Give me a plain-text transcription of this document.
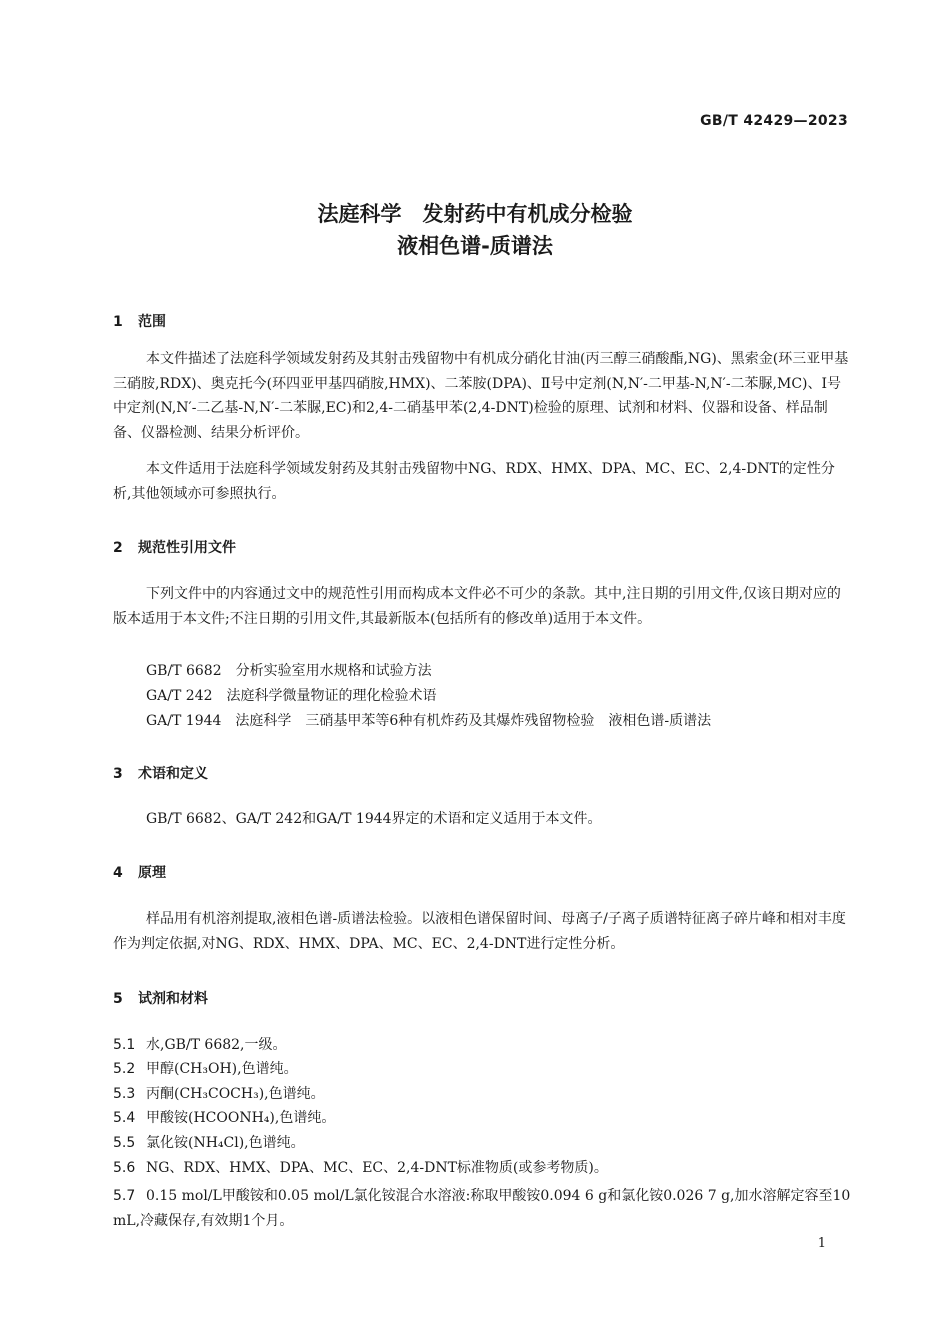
GB/T 42429—2023
法庭科学　发射药中有机成分检验
液相色谱-质谱法
1 范围
本文件描述了法庭科学领域发射药及其射击残留物中有机成分硝化甘油(丙三醇三硝酸酯,NG)、黑索金(环三亚甲基三硝胺,RDX)、奥克托今(环四亚甲基四硝胺,HMX)、二苯胺(DPA)、Ⅱ号中定剂(N,N′-二甲基-N,N′-二苯脲,MC)、Ⅰ号中定剂(N,N′-二乙基-N,N′-二苯脲,EC)和2,4-二硝基甲苯(2,4-DNT)检验的原理、试剂和材料、仪器和设备、样品制备、仪器检测、结果分析评价。
本文件适用于法庭科学领域发射药及其射击残留物中NG、RDX、HMX、DPA、MC、EC、2,4-DNT的定性分析,其他领域亦可参照执行。
2 规范性引用文件
下列文件中的内容通过文中的规范性引用而构成本文件必不可少的条款。其中,注日期的引用文件,仅该日期对应的版本适用于本文件;不注日期的引用文件,其最新版本(包括所有的修改单)适用于本文件。
GB/T 6682　分析实验室用水规格和试验方法
GA/T 242　法庭科学微量物证的理化检验术语
GA/T 1944　法庭科学　三硝基甲苯等6种有机炸药及其爆炸残留物检验　液相色谱-质谱法
3 术语和定义
GB/T 6682、GA/T 242和GA/T 1944界定的术语和定义适用于本文件。
4 原理
样品用有机溶剂提取,液相色谱-质谱法检验。以液相色谱保留时间、母离子/子离子质谱特征离子碎片峰和相对丰度作为判定依据,对NG、RDX、HMX、DPA、MC、EC、2,4-DNT进行定性分析。
5 试剂和材料
5.1 水,GB/T 6682,一级。
5.2 甲醇(CH₃OH),色谱纯。
5.3 丙酮(CH₃COCH₃),色谱纯。
5.4 甲酸铵(HCOONH₄),色谱纯。
5.5 氯化铵(NH₄Cl),色谱纯。
5.6 NG、RDX、HMX、DPA、MC、EC、2,4-DNT标准物质(或参考物质)。
5.7 0.15 mol/L甲酸铵和0.05 mol/L氯化铵混合水溶液:称取甲酸铵0.094 6 g和氯化铵0.026 7 g,加水溶解定容至10 mL,冷藏保存,有效期1个月。
1
